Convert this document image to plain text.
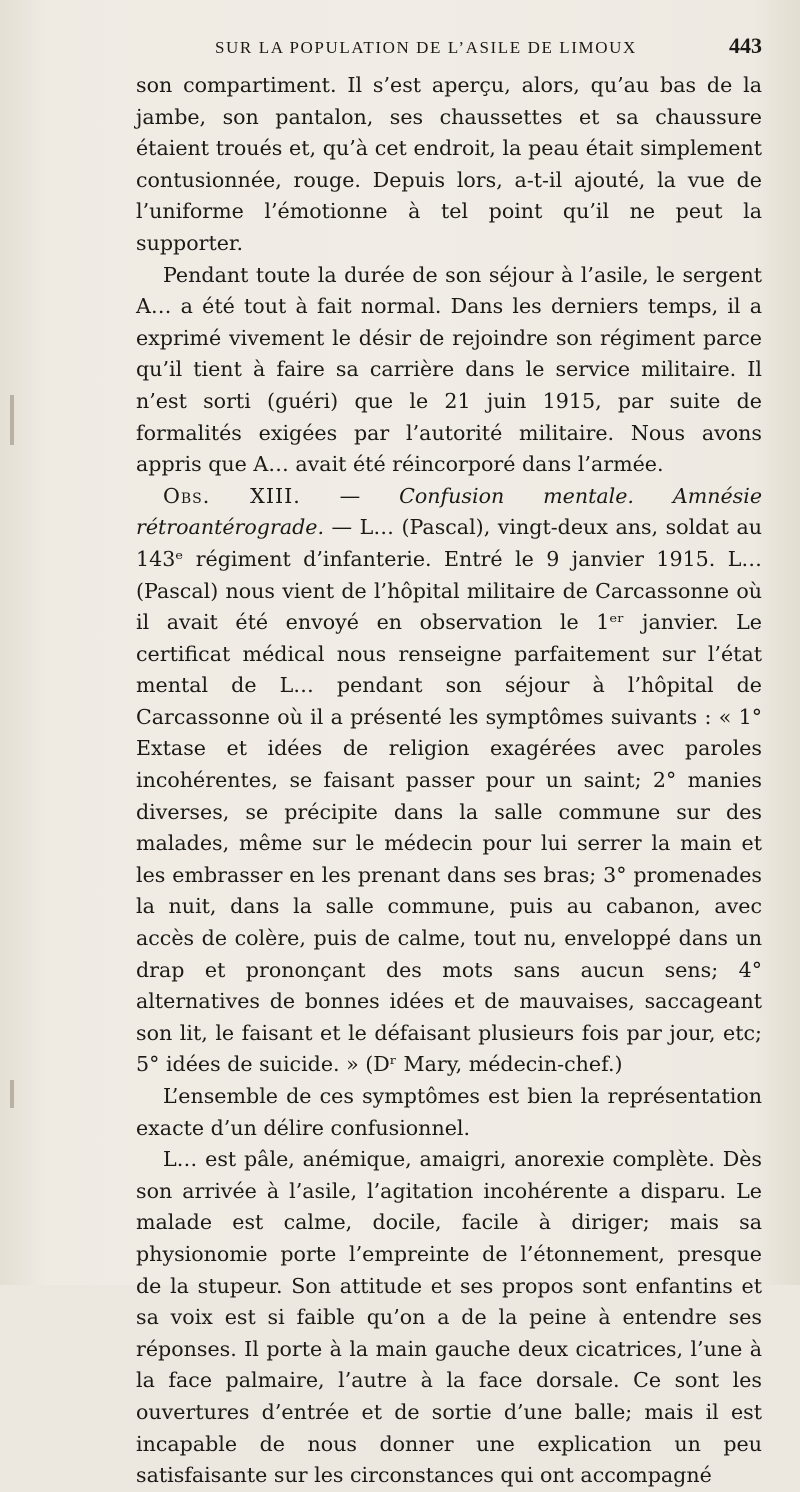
SUR LA POPULATION DE L’ASILE DE LIMOUX	443

son compartiment. Il s’est aperçu, alors, qu’au bas de la jambe, son pantalon, ses chaussettes et sa chaussure étaient troués et, qu’à cet endroit, la peau était simplement contusionnée, rouge. Depuis lors, a-t-il ajouté, la vue de l’uniforme l’émotionne à tel point qu’il ne peut la supporter.

Pendant toute la durée de son séjour à l’asile, le sergent A… a été tout à fait normal. Dans les derniers temps, il a exprimé vivement le désir de rejoindre son régiment parce qu’il tient à faire sa carrière dans le service militaire. Il n’est sorti (guéri) que le 21 juin 1915, par suite de formalités exigées par l’autorité militaire. Nous avons appris que A… avait été réincorporé dans l’armée.

Obs. XIII. — Confusion mentale. Amnésie rétroantérograde. — L… (Pascal), vingt-deux ans, soldat au 143ᵉ régiment d’infanterie. Entré le 9 janvier 1915. L… (Pascal) nous vient de l’hôpital militaire de Carcassonne où il avait été envoyé en observation le 1ᵉʳ janvier. Le certificat médical nous renseigne parfaitement sur l’état mental de L… pendant son séjour à l’hôpital de Carcassonne où il a présenté les symptômes suivants : « 1° Extase et idées de religion exagérées avec paroles incohérentes, se faisant passer pour un saint; 2° manies diverses, se précipite dans la salle commune sur des malades, même sur le médecin pour lui serrer la main et les embrasser en les prenant dans ses bras; 3° promenades la nuit, dans la salle commune, puis au cabanon, avec accès de colère, puis de calme, tout nu, enveloppé dans un drap et prononçant des mots sans aucun sens; 4° alternatives de bonnes idées et de mauvaises, saccageant son lit, le faisant et le défaisant plusieurs fois par jour, etc; 5° idées de suicide. » (Dʳ Mary, médecin-chef.)

L’ensemble de ces symptômes est bien la représentation exacte d’un délire confusionnel.

L… est pâle, anémique, amaigri, anorexie complète. Dès son arrivée à l’asile, l’agitation incohérente a disparu. Le malade est calme, docile, facile à diriger; mais sa physionomie porte l’empreinte de l’étonnement, presque de la stupeur. Son attitude et ses propos sont enfantins et sa voix est si faible qu’on a de la peine à entendre ses réponses. Il porte à la main gauche deux cicatrices, l’une à la face palmaire, l’autre à la face dorsale. Ce sont les ouvertures d’entrée et de sortie d’une balle; mais il est incapable de nous donner une explication un peu satisfaisante sur les circonstances qui ont accompagné
